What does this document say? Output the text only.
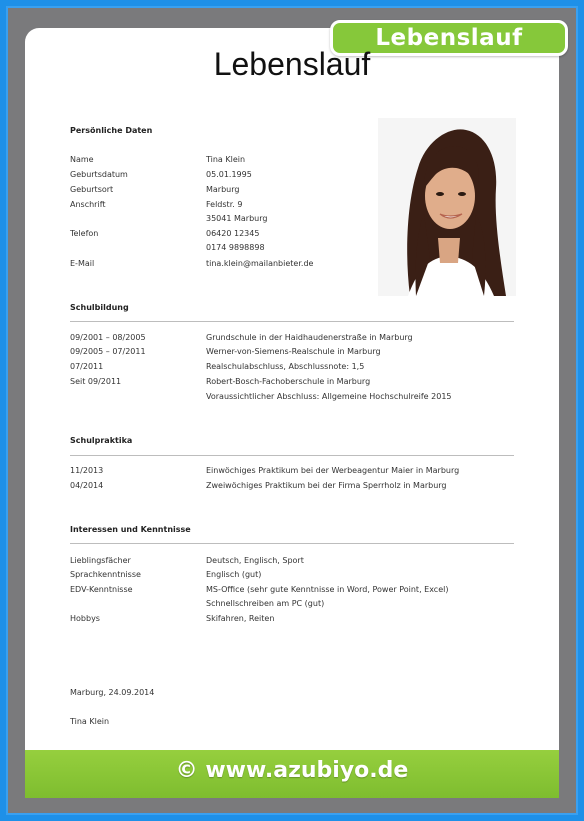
Lebenslauf
Lebenslauf
Persönliche Daten
Name	Tina Klein
Geburtsdatum	05.01.1995
Geburtsort	Marburg
Anschrift	Feldstr. 9
35041 Marburg
Telefon	06420 12345
0174 9898898
E-Mail	tina.klein@mailanbieter.de
Schulbildung
09/2001 – 08/2005	Grundschule in der Haidhaudenerstraße in Marburg
09/2005 – 07/2011	Werner-von-Siemens-Realschule in Marburg
07/2011	Realschulabschluss, Abschlussnote: 1,5
Seit 09/2011	Robert-Bosch-Fachoberschule in Marburg
Voraussichtlicher Abschluss: Allgemeine Hochschulreife 2015
Schulpraktika
11/2013	Einwöchiges Praktikum bei der Werbeagentur Maier in Marburg
04/2014	Zweiwöchiges Praktikum bei der Firma Sperrholz in Marburg
Interessen und Kenntnisse
Lieblingsfächer	Deutsch, Englisch, Sport
Sprachkenntnisse	Englisch (gut)
EDV-Kenntnisse	MS-Office (sehr gute Kenntnisse in Word, Power Point, Excel)
Schnellschreiben am PC (gut)
Hobbys	Skifahren, Reiten
Marburg, 24.09.2014
Tina Klein
© www.azubiyo.de
